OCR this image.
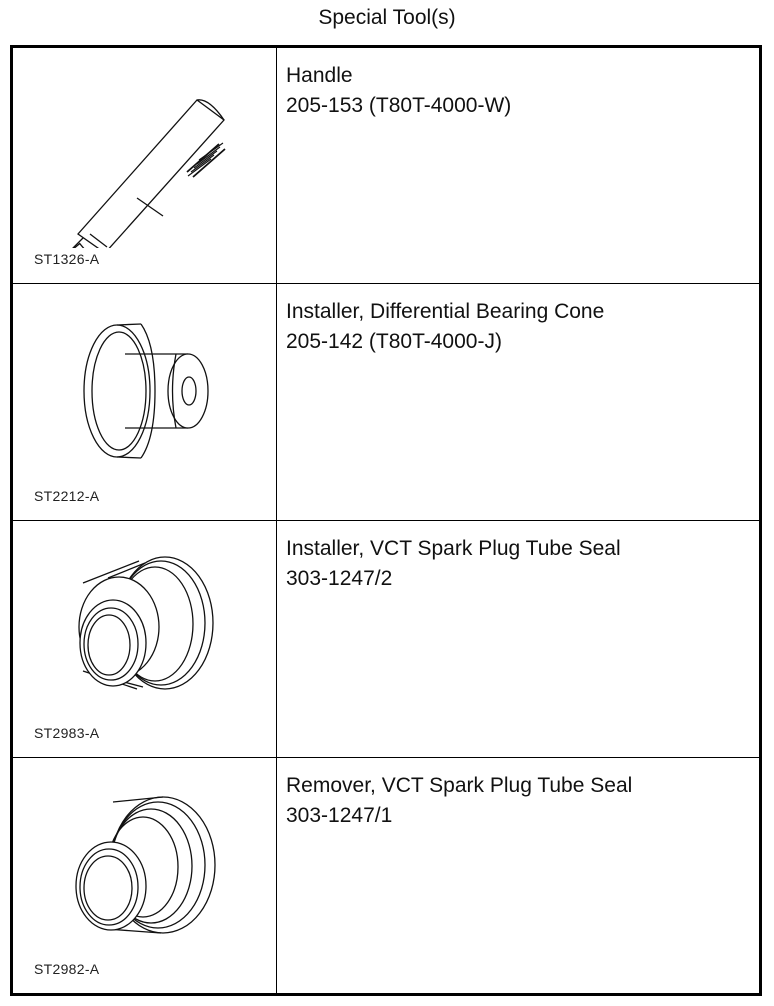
Special Tool(s)
ST1326-A	Handle
205-153 (T80T-4000-W)

ST2212-A	Installer, Differential Bearing Cone
205-142 (T80T-4000-J)

ST2983-A	Installer, VCT Spark Plug Tube Seal
303-1247/2

ST2982-A	Remover, VCT Spark Plug Tube Seal
303-1247/1
